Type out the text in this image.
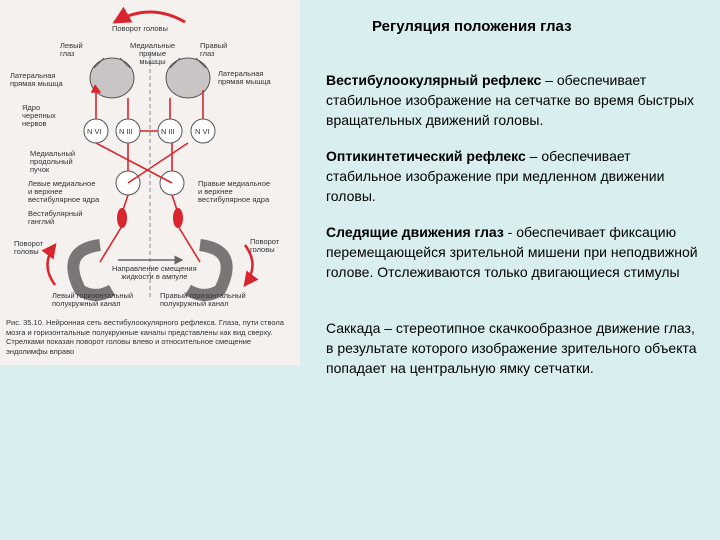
Поворот головы
Левый
глаз
Медиальные
прямые
мышцы
Правый
глаз
Латеральная
прямая мышца
Латеральная
прямая мышца
Ядро
черепных
нервов
N VI N III	N III	N VI
Медиальный
продольный
пучок
Левые медиальное
и верхнее
вестибулярное ядра
Правые медиальное
и верхнее
вестибулярное ядра
Вестибулярный
ганглий
Поворот
головы
Поворот
головы
Направление смещения
жидкости в ампуле
Левый горизонтальный
полукружный канал
Правый горизонтальный
полукружный канал
Рис. 35.10. Нейронная сеть вестибулоокулярного рефлекса. Глаза, пути ствола мозга и горизонтальные полукружные каналы представлены как вид сверху. Стрелками показан поворот головы влево и относительное смещение эндолимфы вправо
Регуляция положения глаз
Вестибулоокулярный рефлекс – обеспечивает стабильное изображение на сетчатке во время быстрых вращательных движений головы.
Оптикинтетический рефлекс – обеспечивает стабильное изображение при медленном движении головы.
Следящие движения глаз - обеспечивает фиксацию перемещающейся зрительной мишени при неподвижной голове. Отслеживаются только двигающиеся стимулы
Саккада – стереотипное скачкообразное движение глаз, в результате которого изображение зрительного объекта попадает на центральную ямку сетчатки.
